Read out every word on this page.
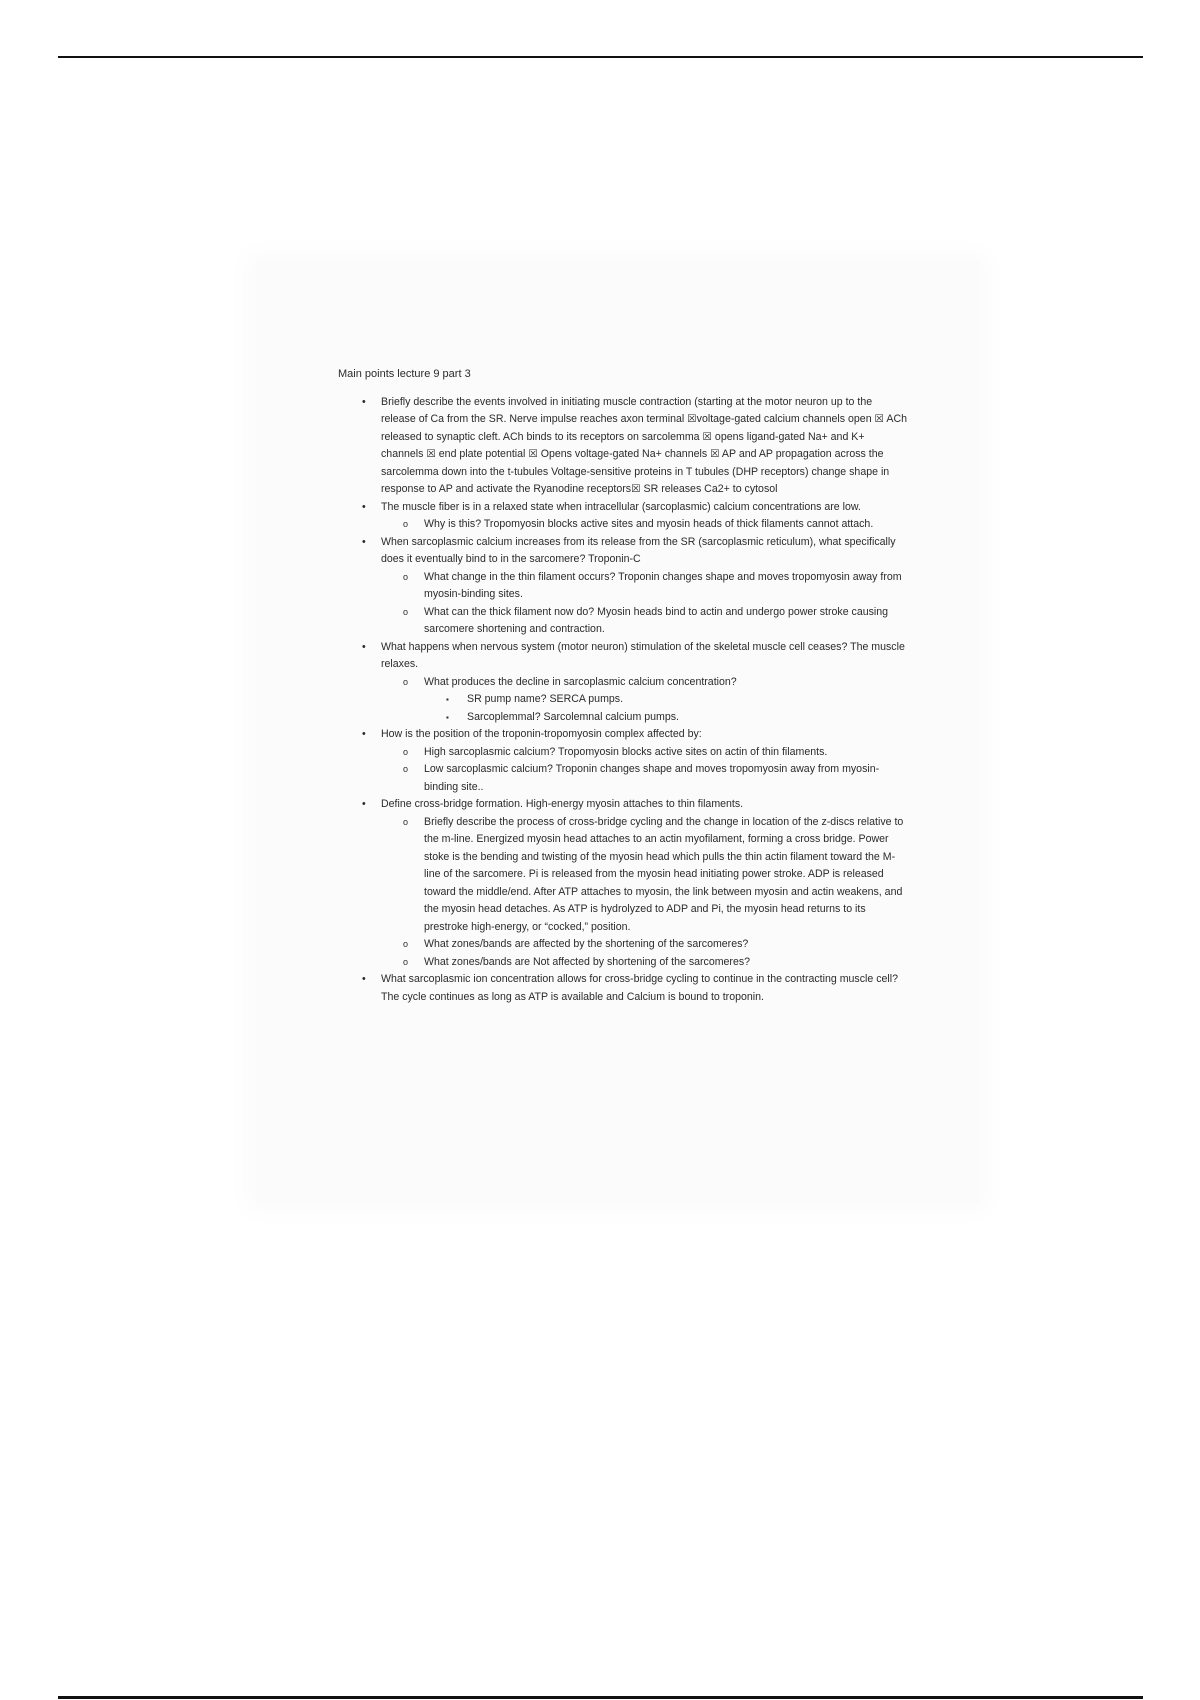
Main points lecture 9 part 3
• Briefly describe the events involved in initiating muscle contraction (starting at the motor neuron up to the release of Ca from the SR. Nerve impulse reaches axon terminal ☒voltage-gated calcium channels open ☒ ACh released to synaptic cleft. ACh binds to its receptors on sarcolemma ☒ opens ligand-gated Na+ and K+ channels ☒ end plate potential ☒ Opens voltage-gated Na+ channels ☒ AP and AP propagation across the sarcolemma down into the t-tubules Voltage-sensitive proteins in T tubules (DHP receptors) change shape in response to AP and activate the Ryanodine receptors☒ SR releases Ca2+ to cytosol
• The muscle fiber is in a relaxed state when intracellular (sarcoplasmic) calcium concentrations are low.
o Why is this? Tropomyosin blocks active sites and myosin heads of thick filaments cannot attach.
• When sarcoplasmic calcium increases from its release from the SR (sarcoplasmic reticulum), what specifically does it eventually bind to in the sarcomere? Troponin-C
o What change in the thin filament occurs? Troponin changes shape and moves tropomyosin away from myosin-binding sites.
o What can the thick filament now do? Myosin heads bind to actin and undergo power stroke causing sarcomere shortening and contraction.
• What happens when nervous system (motor neuron) stimulation of the skeletal muscle cell ceases? The muscle relaxes.
o What produces the decline in sarcoplasmic calcium concentration?
▪ SR pump name? SERCA pumps.
▪ Sarcoplemmal? Sarcolemnal calcium pumps.
• How is the position of the troponin-tropomyosin complex affected by:
o High sarcoplasmic calcium? Tropomyosin blocks active sites on actin of thin filaments.
o Low sarcoplasmic calcium? Troponin changes shape and moves tropomyosin away from myosin-binding site..
• Define cross-bridge formation. High-energy myosin attaches to thin filaments.
o Briefly describe the process of cross-bridge cycling and the change in location of the z-discs relative to the m-line. Energized myosin head attaches to an actin myofilament, forming a cross bridge. Power stoke is the bending and twisting of the myosin head which pulls the thin actin filament toward the M-line of the sarcomere. Pi is released from the myosin head initiating power stroke. ADP is released toward the middle/end. After ATP attaches to myosin, the link between myosin and actin weakens, and the myosin head detaches. As ATP is hydrolyzed to ADP and Pi, the myosin head returns to its prestroke high-energy, or “cocked,” position.
o What zones/bands are affected by the shortening of the sarcomeres?
o What zones/bands are Not affected by shortening of the sarcomeres?
• What sarcoplasmic ion concentration allows for cross-bridge cycling to continue in the contracting muscle cell? The cycle continues as long as ATP is available and Calcium is bound to troponin.
